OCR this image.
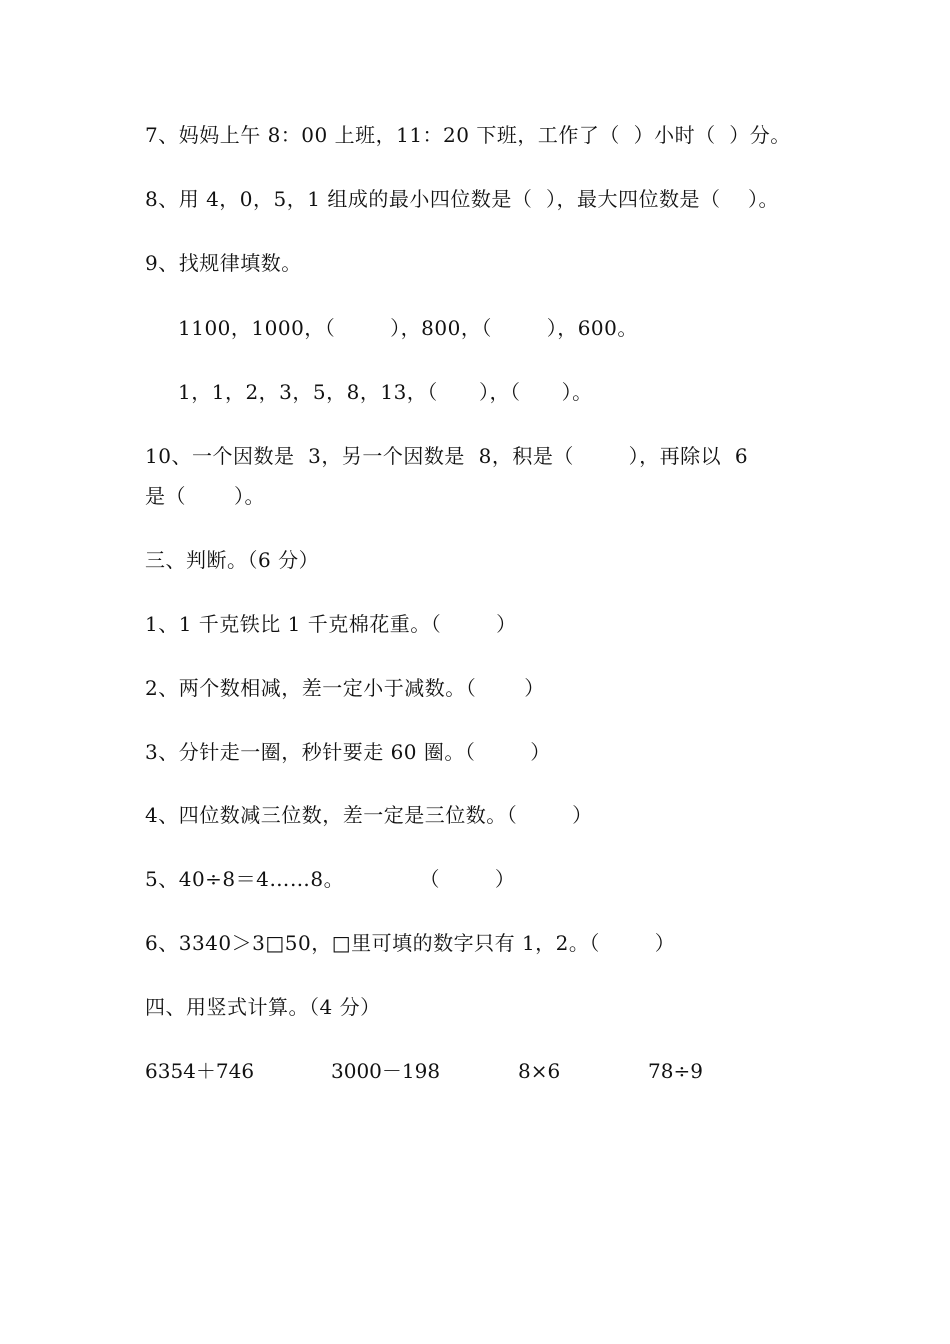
7、妈妈上午 8：00 上班，11：20 下班，工作了（  ）小时（  ）分。
8、用 4，0，5，1 组成的最小四位数是（  ），最大四位数是（    ）。
9、找规律填数。
1100，1000，（        ），800，（        ），600。
1，1，2，3，5，8，13，（      ），（      ）。
10、一个因数是  3，另一个因数是  8，积是（        ），再除以  6
是（       ）。
三、判断。（6 分）
1、1 千克铁比 1 千克棉花重。（        ）
2、两个数相减，差一定小于减数。（       ）
3、分针走一圈，秒针要走 60 圈。（        ）
4、四位数减三位数，差一定是三位数。（        ）
5、40÷8＝4……8。           （        ）
6、3340＞3□50，□里可填的数字只有 1，2。（        ）
四、用竖式计算。（4 分）
6354＋746	3000－198	8×6	78÷9
